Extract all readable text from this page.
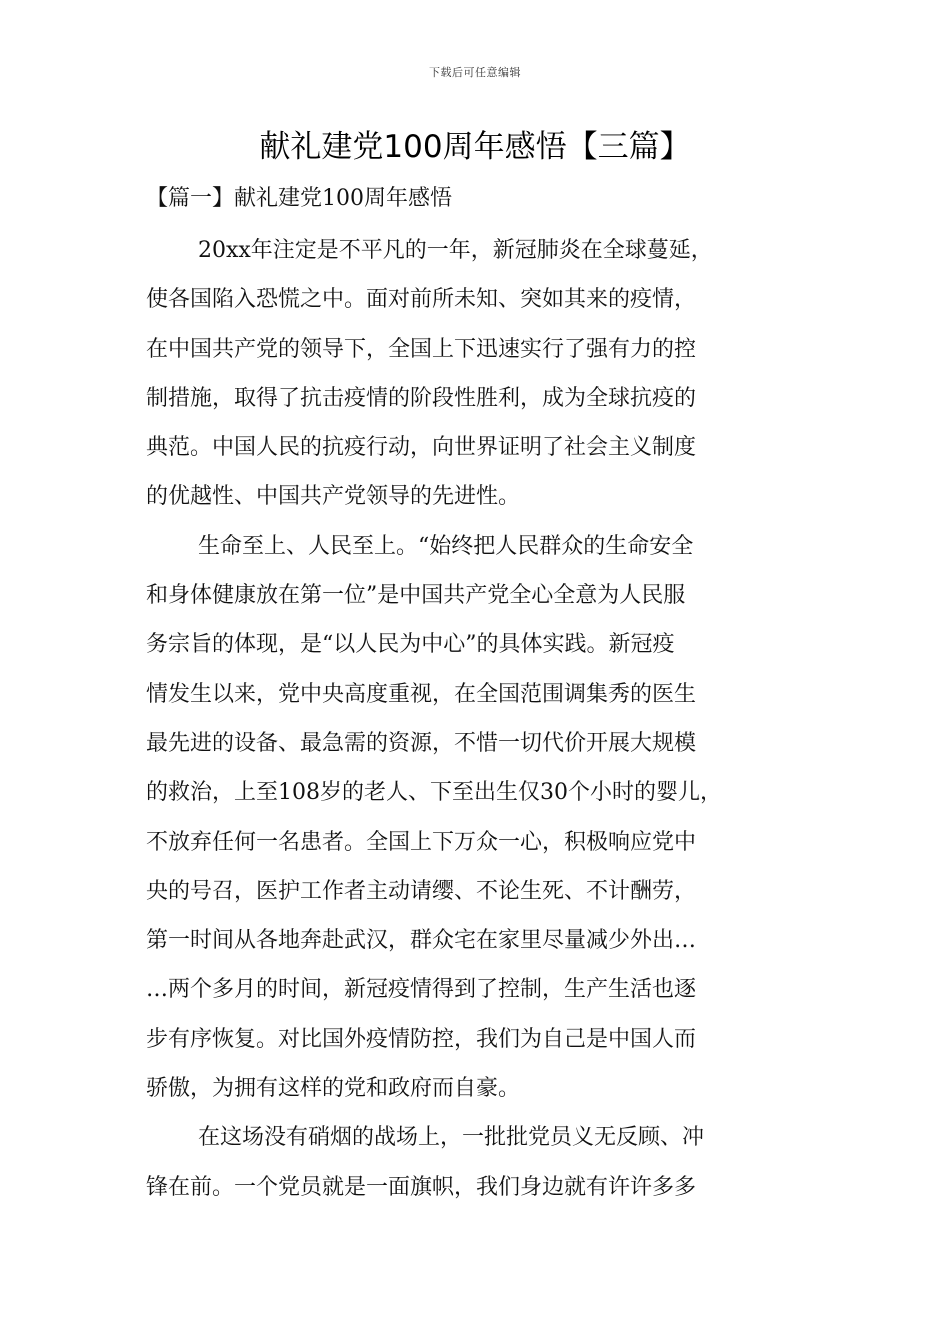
下载后可任意编辑
献礼建党100周年感悟【三篇】
【篇一】献礼建党100周年感悟

20xx年注定是不平凡的一年，新冠肺炎在全球蔓延，
使各国陷入恐慌之中。面对前所未知、突如其来的疫情，
在中国共产党的领导下，全国上下迅速实行了强有力的控
制措施，取得了抗击疫情的阶段性胜利，成为全球抗疫的
典范。中国人民的抗疫行动，向世界证明了社会主义制度
的优越性、中国共产党领导的先进性。

生命至上、人民至上。“始终把人民群众的生命安全
和身体健康放在第一位”是中国共产党全心全意为人民服
务宗旨的体现，是“以人民为中心”的具体实践。新冠疫
情发生以来，党中央高度重视，在全国范围调集秀的医生
最先进的设备、最急需的资源，不惜一切代价开展大规模
的救治，上至108岁的老人、下至出生仅30个小时的婴儿，
不放弃任何一名患者。全国上下万众一心，积极响应党中
央的号召，医护工作者主动请缨、不论生死、不计酬劳，
第一时间从各地奔赴武汉，群众宅在家里尽量减少外出…
…两个多月的时间，新冠疫情得到了控制，生产生活也逐
步有序恢复。对比国外疫情防控，我们为自己是中国人而
骄傲，为拥有这样的党和政府而自豪。

在这场没有硝烟的战场上，一批批党员义无反顾、冲
锋在前。一个党员就是一面旗帜，我们身边就有许许多多
